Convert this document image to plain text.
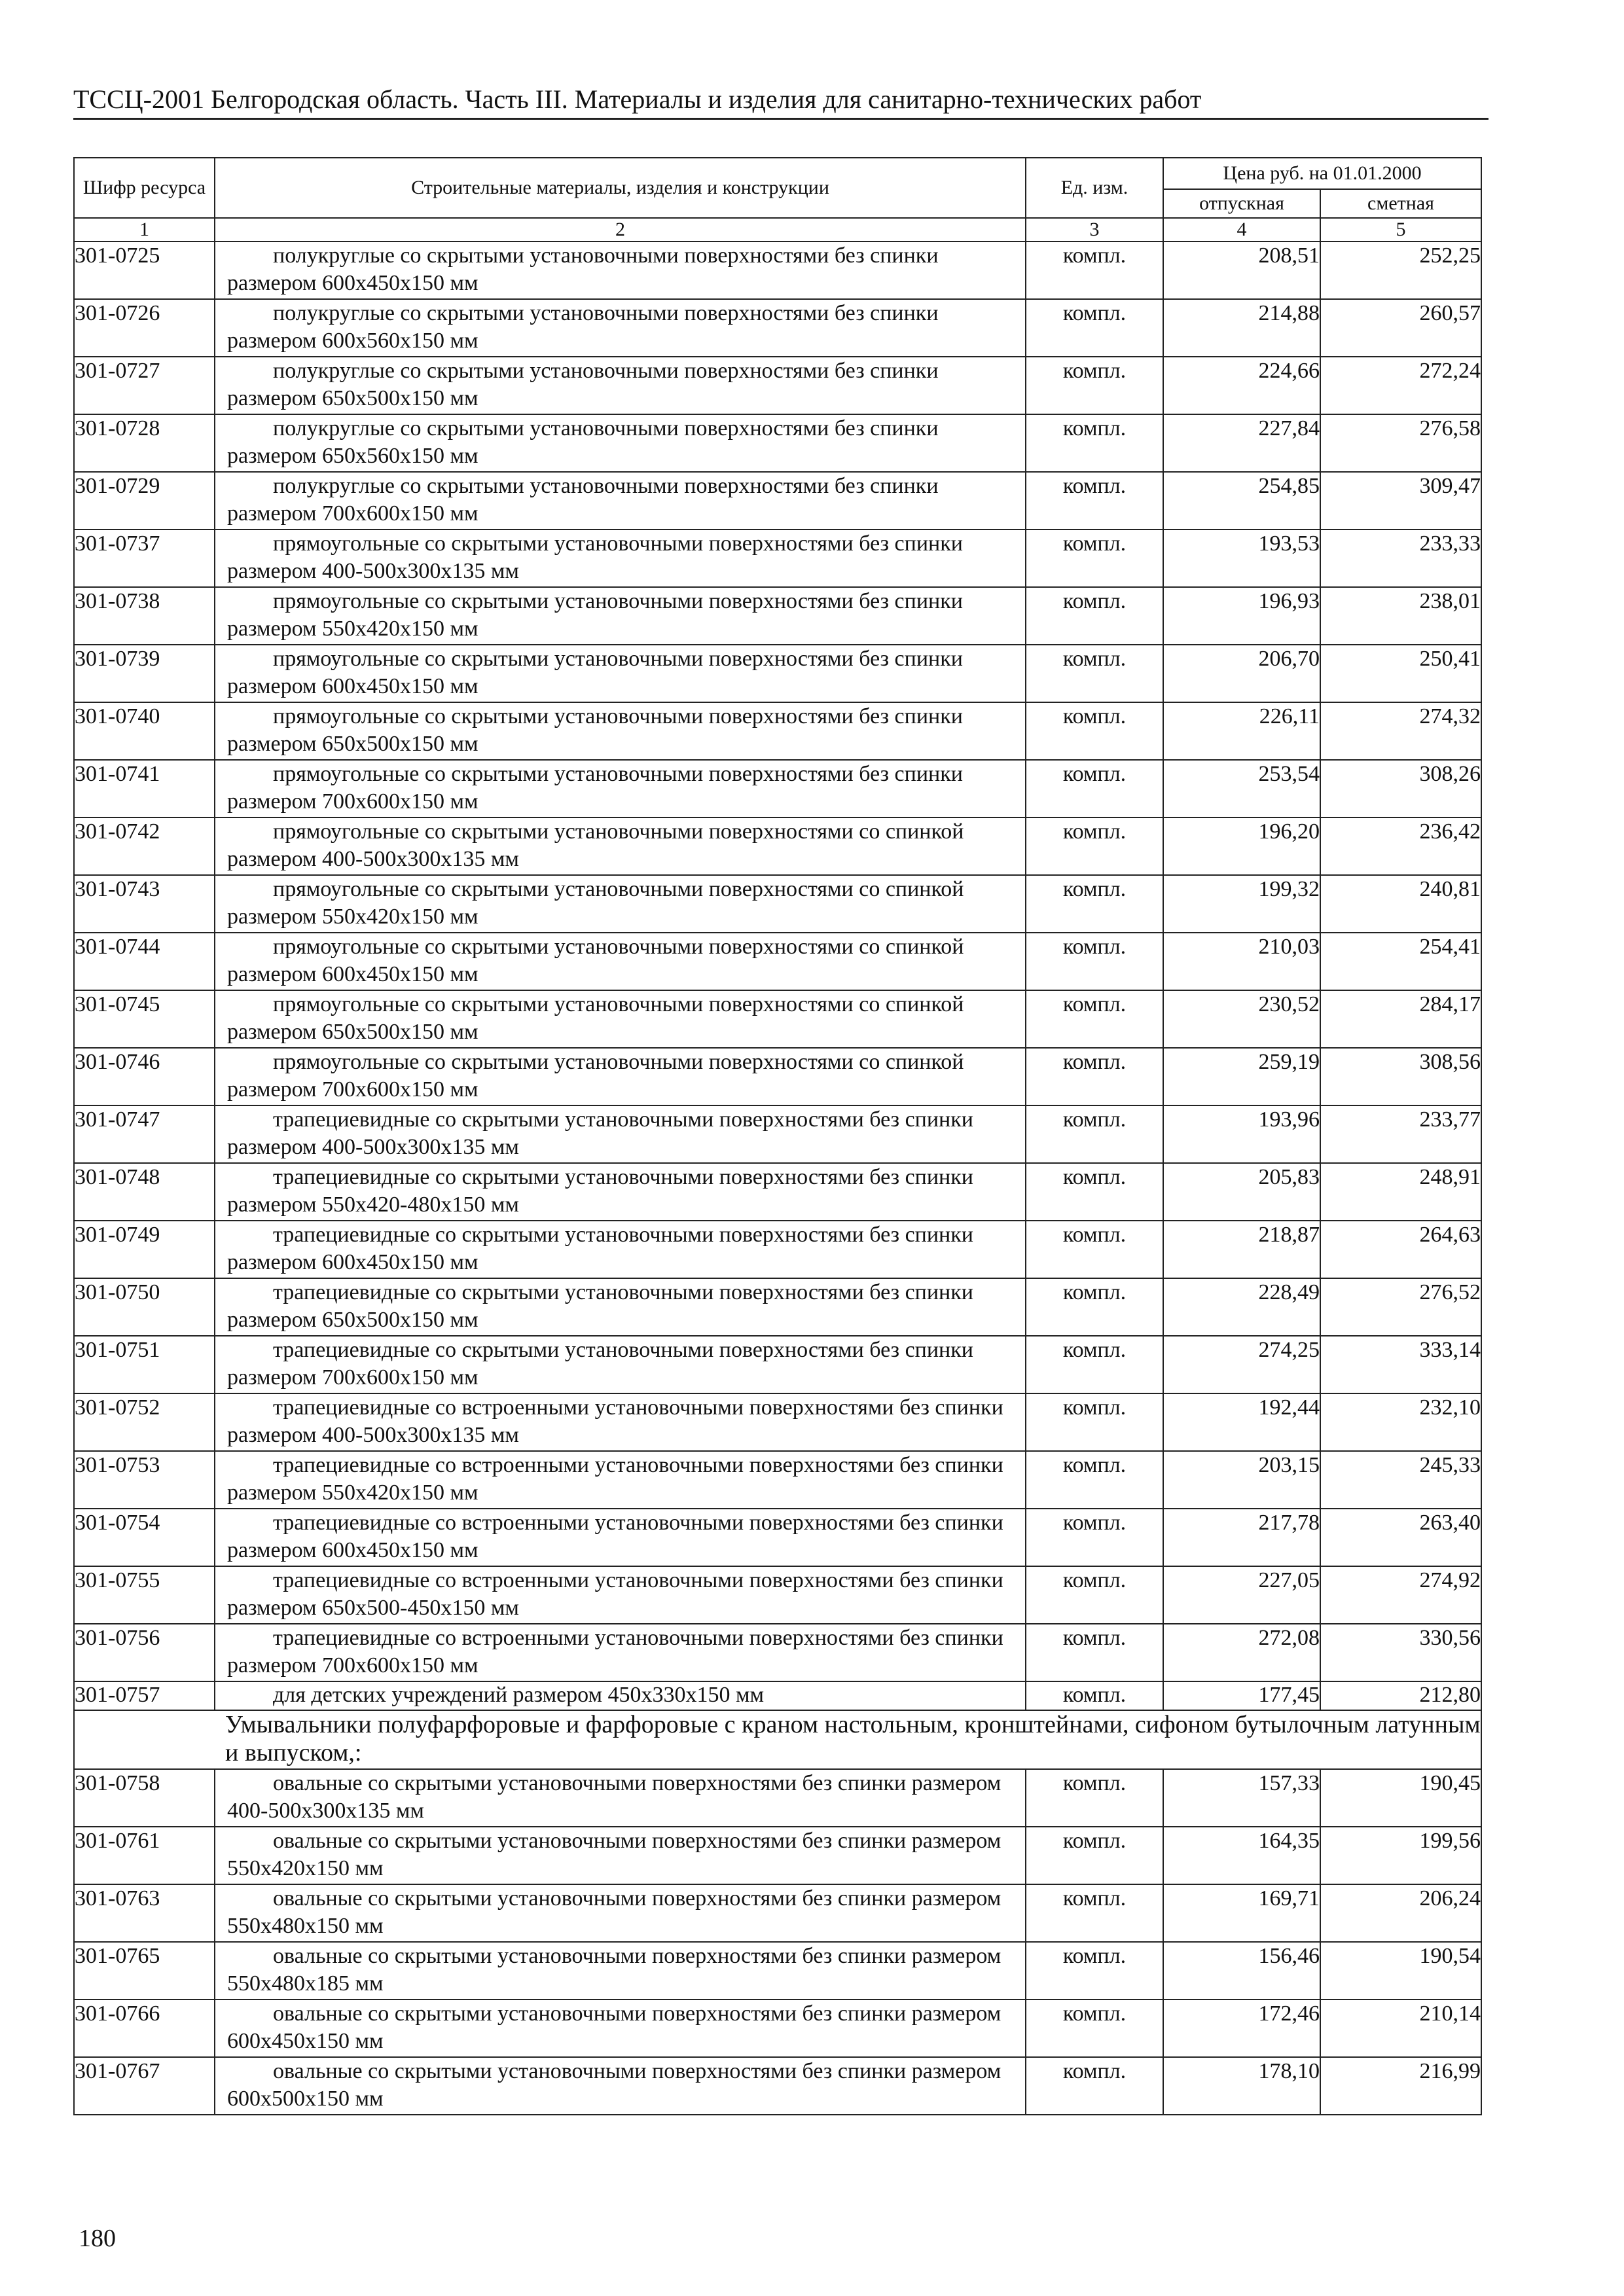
ТССЦ-2001 Белгородская область. Часть III. Материалы и изделия для санитарно-технических работ
Шифр ресурса	Строительные материалы, изделия и конструкции	Ед. изм.	Цена руб. на 01.01.2000	
			отпускная	сметная
1	2	3	4	5
301-0725	полукруглые со скрытыми установочными поверхностями без спинки размером 600x450x150 мм	компл.	208,51	252,25
301-0726	полукруглые со скрытыми установочными поверхностями без спинки размером 600x560x150 мм	компл.	214,88	260,57
301-0727	полукруглые со скрытыми установочными поверхностями без спинки размером 650x500x150 мм	компл.	224,66	272,24
301-0728	полукруглые со скрытыми установочными поверхностями без спинки размером 650x560x150 мм	компл.	227,84	276,58
301-0729	полукруглые со скрытыми установочными поверхностями без спинки размером 700x600x150 мм	компл.	254,85	309,47
301-0737	прямоугольные со скрытыми установочными поверхностями без спинки размером 400-500x300x135 мм	компл.	193,53	233,33
301-0738	прямоугольные со скрытыми установочными поверхностями без спинки размером 550x420x150 мм	компл.	196,93	238,01
301-0739	прямоугольные со скрытыми установочными поверхностями без спинки размером 600x450x150 мм	компл.	206,70	250,41
301-0740	прямоугольные со скрытыми установочными поверхностями без спинки размером 650x500x150 мм	компл.	226,11	274,32
301-0741	прямоугольные со скрытыми установочными поверхностями без спинки размером 700x600x150 мм	компл.	253,54	308,26
301-0742	прямоугольные со скрытыми установочными поверхностями со спинкой размером 400-500x300x135 мм	компл.	196,20	236,42
301-0743	прямоугольные со скрытыми установочными поверхностями со спинкой размером 550x420x150 мм	компл.	199,32	240,81
301-0744	прямоугольные со скрытыми установочными поверхностями со спинкой размером 600x450x150 мм	компл.	210,03	254,41
301-0745	прямоугольные со скрытыми установочными поверхностями со спинкой размером 650x500x150 мм	компл.	230,52	284,17
301-0746	прямоугольные со скрытыми установочными поверхностями со спинкой размером 700x600x150 мм	компл.	259,19	308,56
301-0747	трапециевидные со скрытыми установочными поверхностями без спинки размером 400-500x300x135 мм	компл.	193,96	233,77
301-0748	трапециевидные со скрытыми установочными поверхностями без спинки размером 550x420-480x150 мм	компл.	205,83	248,91
301-0749	трапециевидные со скрытыми установочными поверхностями без спинки размером 600x450x150 мм	компл.	218,87	264,63
301-0750	трапециевидные со скрытыми установочными поверхностями без спинки размером 650x500x150 мм	компл.	228,49	276,52
301-0751	трапециевидные со скрытыми установочными поверхностями без спинки размером 700x600x150 мм	компл.	274,25	333,14
301-0752	трапециевидные со встроенными установочными поверхностями без спинки размером 400-500x300x135 мм	компл.	192,44	232,10
301-0753	трапециевидные со встроенными установочными поверхностями без спинки размером 550x420x150 мм	компл.	203,15	245,33
301-0754	трапециевидные со встроенными установочными поверхностями без спинки размером 600x450x150 мм	компл.	217,78	263,40
301-0755	трапециевидные со встроенными установочными поверхностями без спинки размером 650x500-450x150 мм	компл.	227,05	274,92
301-0756	трапециевидные со встроенными установочными поверхностями без спинки размером 700x600x150 мм	компл.	272,08	330,56
301-0757	для детских учреждений размером 450x330x150 мм	компл.	177,45	212,80
Умывальники полуфарфоровые и фарфоровые с краном настольным, кронштейнами, сифоном бутылочным латунным и выпуском,:				
301-0758	овальные со скрытыми установочными поверхностями без спинки размером 400-500x300x135 мм	компл.	157,33	190,45
301-0761	овальные со скрытыми установочными поверхностями без спинки размером 550x420x150 мм	компл.	164,35	199,56
301-0763	овальные со скрытыми установочными поверхностями без спинки размером 550x480x150 мм	компл.	169,71	206,24
301-0765	овальные со скрытыми установочными поверхностями без спинки размером 550x480x185 мм	компл.	156,46	190,54
301-0766	овальные со скрытыми установочными поверхностями без спинки размером 600x450x150 мм	компл.	172,46	210,14
301-0767	овальные со скрытыми установочными поверхностями без спинки размером 600x500x150 мм	компл.	178,10	216,99
180
